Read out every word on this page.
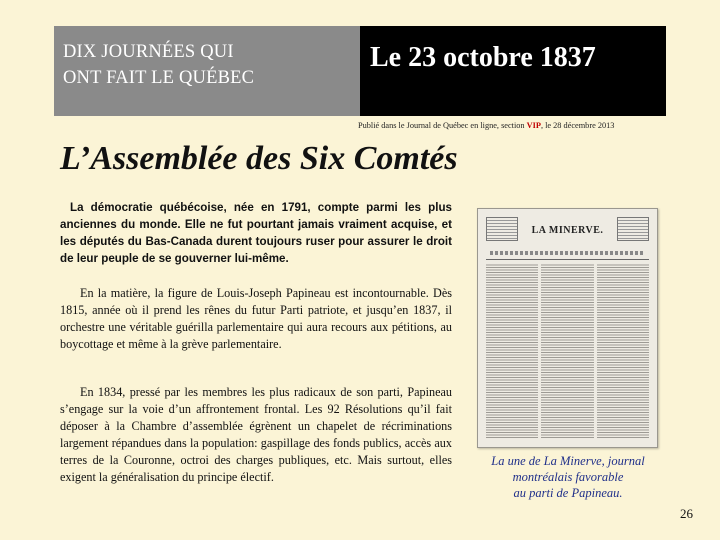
DIX JOURNÉES QUI
ONT FAIT LE QUÉBEC
Le 23 octobre 1837
Publié dans le Journal de Québec en ligne, section VIP, le 28 décembre 2013
L’Assemblée des Six Comtés

La démocratie québécoise, née en 1791, compte parmi les plus anciennes du monde. Elle ne fut pourtant jamais vraiment acquise, et les députés du Bas-Canada durent toujours ruser pour assurer le droit de leur peuple de se gouverner lui-même.

En la matière, la figure de Louis-Joseph Papineau est incontournable. Dès 1815, année où il prend les rênes du futur Parti patriote, et jusqu’en 1837, il orchestre une véritable guérilla parlementaire qui aura recours aux pétitions, au boycottage et même à la grève parlementaire.

En 1834, pressé par les membres les plus radicaux de son parti, Papineau s’engage sur la voie d’un affrontement frontal. Les 92 Résolutions qu’il fait déposer à la Chambre d’assemblée égrènent un chapelet de récriminations largement répandues dans la population: gaspillage des fonds publics, accès aux terres de la Couronne, octroi des charges publiques, etc. Mais surtout, elles exigent la généralisation du principe électif.

LA MINERVE.
La une de La Minerve, journal
montréalais favorable
au parti de Papineau.
26
